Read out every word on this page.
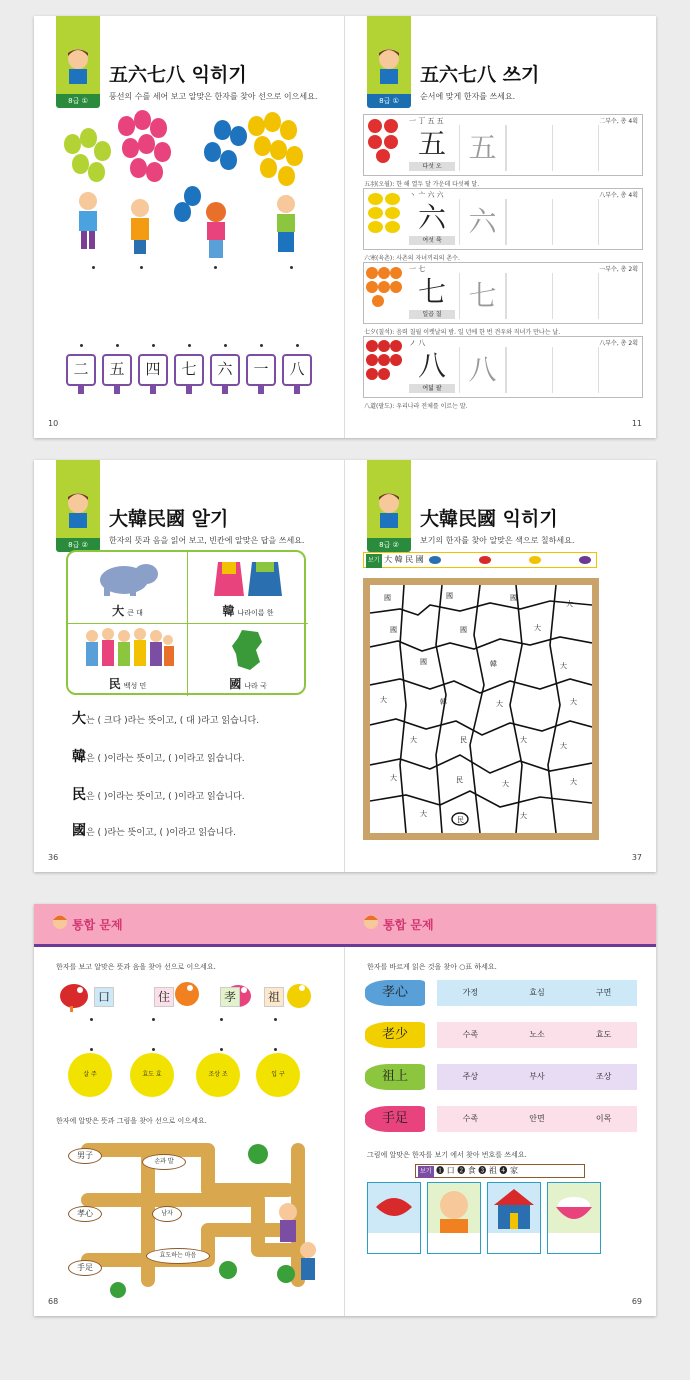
8급 ①
五六七八 익히기
풍선의 수를 세어 보고 알맞은 한자를 찾아 선으로 이으세요.
二	五	四	七	六	一	八
10
8급 ①
五六七八 쓰기
순서에 맞게 한자를 쓰세요.
一 丁 五 五	二부수, 총 4획
五
다섯 오
五
五羽(오월): 한 해 열두 달 가운데 다섯째 달.
丶 亠 六 六	八부수, 총 4획
六
여섯 륙
六
六寒(육촌): 사촌의 자녀끼리의 촌수.
一 七	一부수, 총 2획
七
일곱 칠
七
七夕(칠석): 음력 칠월 이렛날의 밤. 일 년에 한 번 견우와 직녀가 만나는 날.
ノ 八	八부수, 총 2획
八
여덟 팔
八
八道(팔도): 우리나라 전체를 이르는 말.
11
8급 ②
大韓民國 알기
한자의 뜻과 음을 읽어 보고, 빈칸에 알맞은 답을 쓰세요.
大큰 대	韓나라이름 한
民백성 민	國나라 국
大는 ( 크다 )라는 뜻이고, ( 대 )라고 읽습니다.
韓은 ( )이라는 뜻이고, ( )이라고 읽습니다.
民은 ( )이라는 뜻이고, ( )이라고 읽습니다.
國은 ( )라는 뜻이고, ( )이라고 읽습니다.
36
8급 ②
大韓民國 익히기
보기의 한자를 찾아 알맞은 색으로 칠하세요.
보기 大 韓 民 國
國	國	國
大
國	國	大
國	韓	大
大	韓	大	大
大	民	大
大
大	民	大	大
大
民	大
37
통합 문제
한자를 보고 알맞은 뜻과 음을 찾아 선으로 이으세요.
口	住	孝	祖
살 주	효도 효	조상 조	입 구
한자에 알맞은 뜻과 그림을 찾아 선으로 이으세요.
男子
孝心
手足
손과 발
남자
효도하는 마음
68
통합 문제
한자를 바르게 읽은 것을 찾아 ○표 하세요.
孝心	가정	효심	구면
老少	수족	노소	효도
祖上	주상	부사	조상
手足	수족	안면	이목
그림에 알맞은 한자를 보기 에서 찾아 번호를 쓰세요.
보기 ❶ 口 ❷ 食 ❸ 祖 ❹ 家
69
